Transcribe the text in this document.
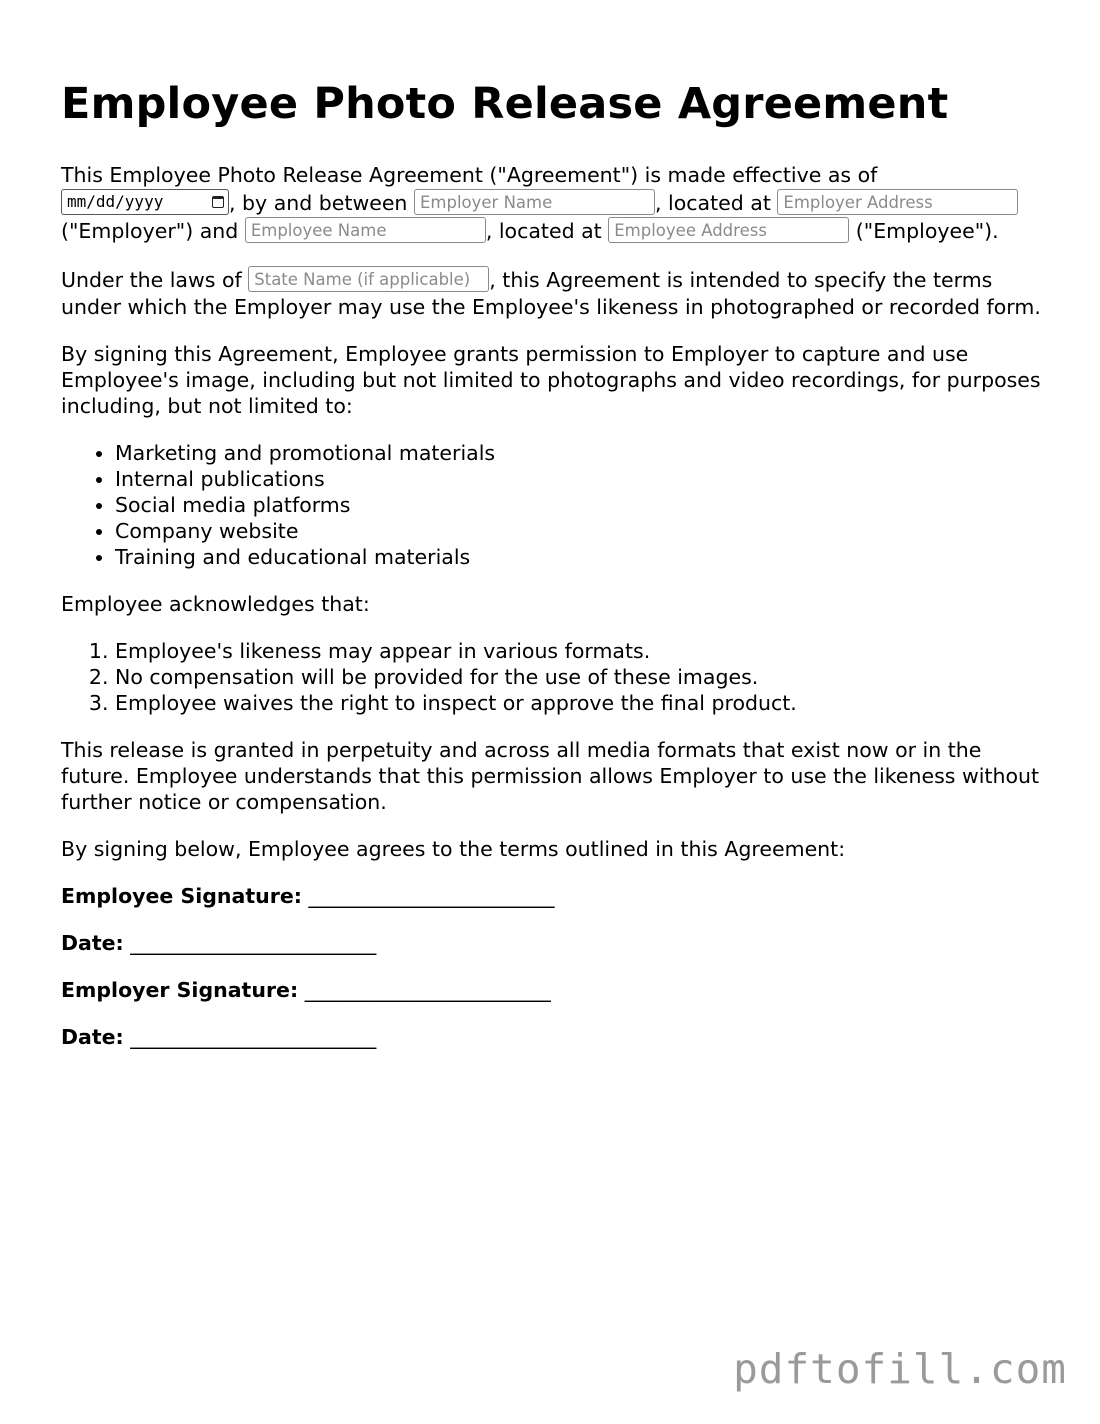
Employee Photo Release Agreement

This Employee Photo Release Agreement ("Agreement") is made effective as of

mm/dd/yyyy	, by and between Employer Name	, located at Employer Address
("Employer") and Employee Name	, located at Employee Address	("Employee").

Under the laws of State Name (if applicable)	, this Agreement is intended to specify the terms under which the Employer may use the Employee's likeness in photographed or recorded form.

By signing this Agreement, Employee grants permission to Employer to capture and use Employee's image, including but not limited to photographs and video recordings, for purposes including, but not limited to:

• Marketing and promotional materials
• Internal publications
• Social media platforms
• Company website
• Training and educational materials

Employee acknowledges that:

1. Employee's likeness may appear in various formats.
2. No compensation will be provided for the use of these images.
3. Employee waives the right to inspect or approve the final product.

This release is granted in perpetuity and across all media formats that exist now or in the future. Employee understands that this permission allows Employer to use the likeness without further notice or compensation.

By signing below, Employee agrees to the terms outlined in this Agreement:

Employee Signature: ________________________
Date: ________________________
Employer Signature: ________________________
Date: ________________________
pdftofill.com
